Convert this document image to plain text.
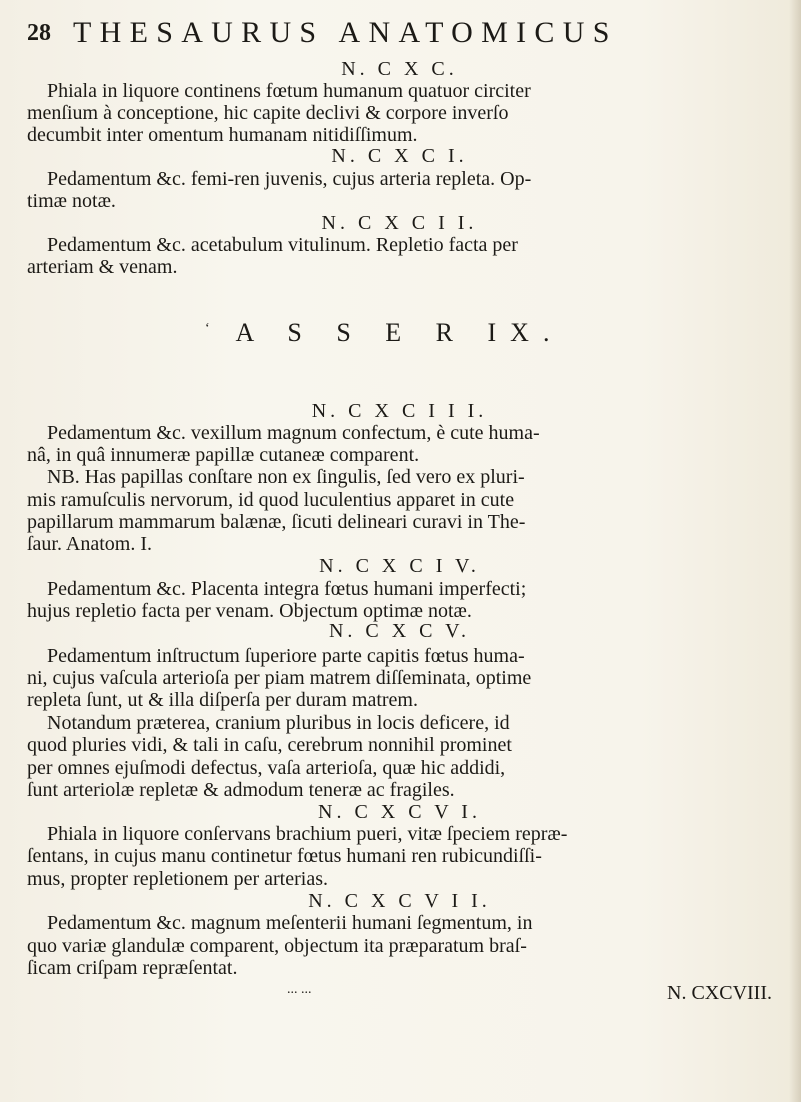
28 THESAURUS ANATOMICUS
N. C X C.
Phiala in liquore continens fœtum humanum quatuor circiter
menſium à conceptione, hic capite declivi & corpore inverſo
decumbit inter omentum humanam nitidiſſimum.
N. C X C I.
Pedamentum &c. femi-ren juvenis, cujus arteria repleta. Op-
timæ notæ.
N. C X C I I.
Pedamentum &c. acetabulum vitulinum. Repletio facta per
arteriam & venam.
‘ A S S E R IX.
N. C X C I I I.
Pedamentum &c. vexillum magnum confectum, è cute huma-
nâ, in quâ innumeræ papillæ cutaneæ comparent.
NB. Has papillas conſtare non ex ſingulis, ſed vero ex pluri-
mis ramuſculis nervorum, id quod luculentius apparet in cute
papillarum mammarum balænæ, ſicuti delineari curavi in The-
ſaur. Anatom. I.
N. C X C I V.
Pedamentum &c. Placenta integra fœtus humani imperfecti;
hujus repletio facta per venam. Objectum optimæ notæ.
N. C X C V.
Pedamentum inſtructum ſuperiore parte capitis fœtus huma-
ni, cujus vaſcula arterioſa per piam matrem diſſeminata, optime
repleta ſunt, ut & illa diſperſa per duram matrem.
Notandum præterea, cranium pluribus in locis deficere, id
quod pluries vidi, & tali in caſu, cerebrum nonnihil prominet
per omnes ejuſmodi defectus, vaſa arterioſa, quæ hic addidi,
ſunt arteriolæ repletæ & admodum teneræ ac fragiles.
N. C X C V I.
Phiala in liquore conſervans brachium pueri, vitæ ſpeciem repræ-
ſentans, in cujus manu continetur fœtus humani ren rubicundiſſi-
mus, propter repletionem per arterias.
N. C X C V I I.
Pedamentum &c. magnum meſenterii humani ſegmentum, in
quo variæ glandulæ comparent, objectum ita præparatum braſ-
ſicam criſpam repræſentat.
... ...	N. CXCVIII.
